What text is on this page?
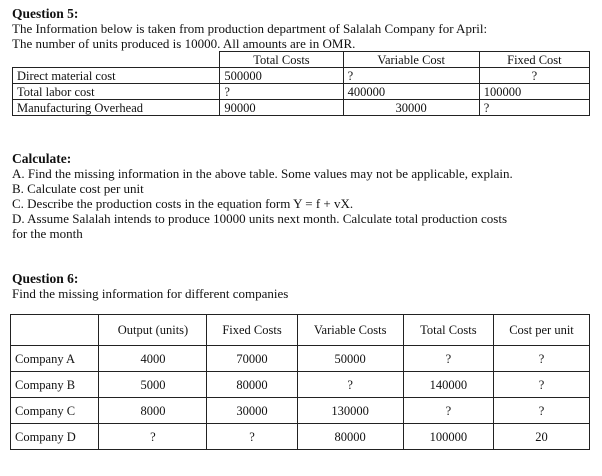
Question 5:
The Information below is taken from production department of Salalah Company for April:
The number of units produced is 10000. All amounts are in OMR.
	Total Costs	Variable Cost	Fixed Cost
Direct material cost	500000	?	?
Total labor cost	?	400000	100000
Manufacturing Overhead	90000	30000	?
Calculate:
A. Find the missing information in the above table. Some values may not be applicable, explain.
B. Calculate cost per unit
C. Describe the production costs in the equation form Y = f + vX.
D. Assume Salalah intends to produce 10000 units next month. Calculate total production costs
for the month
Question 6:
Find the missing information for different companies
	Output (units)	Fixed Costs	Variable Costs	Total Costs	Cost per unit
Company A	4000	70000	50000	?	?
Company B	5000	80000	?	140000	?
Company C	8000	30000	130000	?	?
Company D	?	?	80000	100000	20
